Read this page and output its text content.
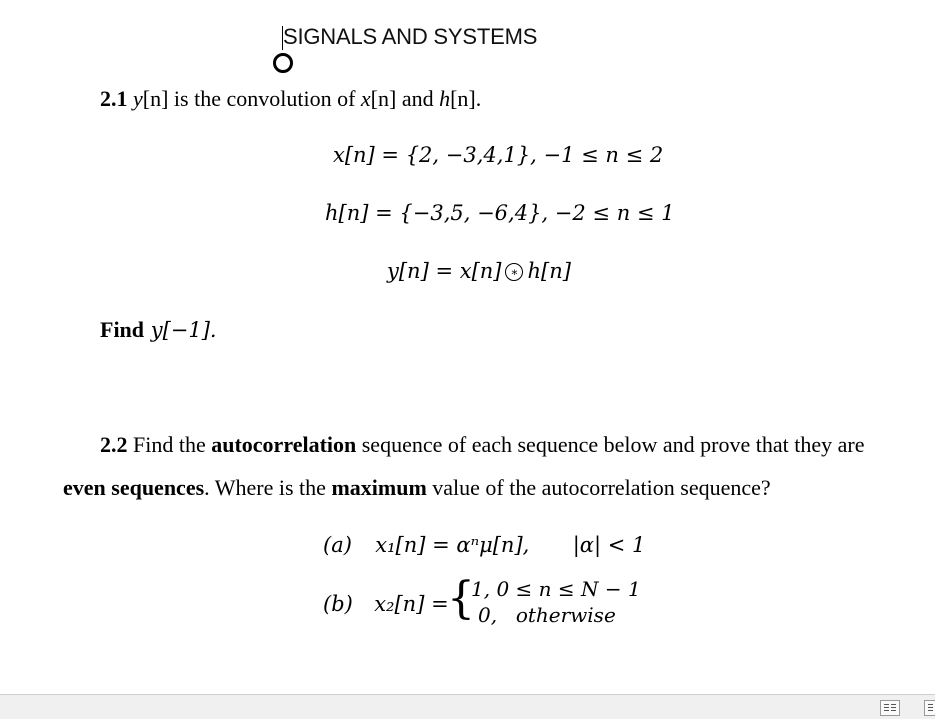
SIGNALS AND SYSTEMS
2.1 y[n] is the convolution of x[n] and h[n].
x[n] = {2, −3,4,1}, −1 ≤ n ≤ 2
h[n] = {−3,5, −6,4}, −2 ≤ n ≤ 1
y[n] = x[n] ∗ h[n]
Find y[−1].
2.2 Find the autocorrelation sequence of each sequence below and prove that they are
even sequences. Where is the maximum value of the autocorrelation sequence?
(a) x₁[n] = αⁿμ[n], |α| < 1
(b) x₂[n] =
{
1, 0 ≤ n ≤ N − 1
0, otherwise
